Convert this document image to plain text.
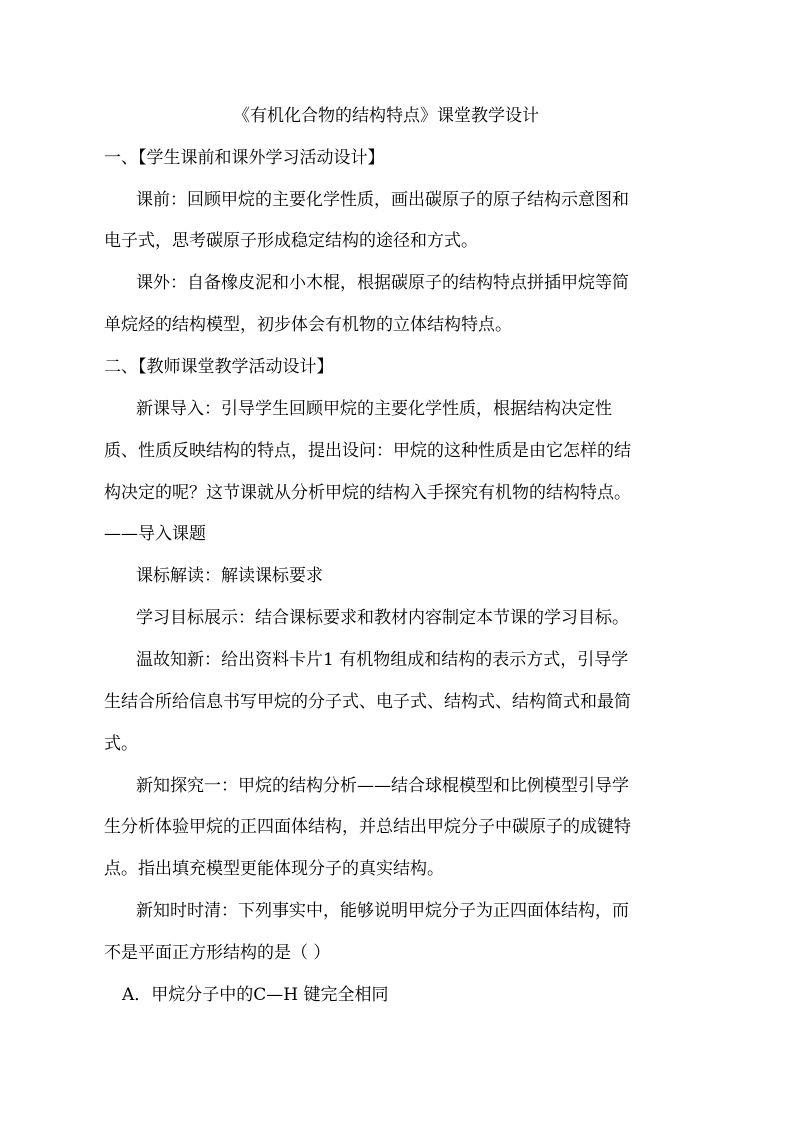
《有机化合物的结构特点》课堂教学设计
一、【学生课前和课外学习活动设计】
课前：回顾甲烷的主要化学性质，画出碳原子的原子结构示意图和
电子式，思考碳原子形成稳定结构的途径和方式。
课外：自备橡皮泥和小木棍，根据碳原子的结构特点拼插甲烷等简
单烷烃的结构模型，初步体会有机物的立体结构特点。
二、【教师课堂教学活动设计】
新课导入：引导学生回顾甲烷的主要化学性质，根据结构决定性
质、性质反映结构的特点，提出设问：甲烷的这种性质是由它怎样的结
构决定的呢？这节课就从分析甲烷的结构入手探究有机物的结构特点。
——导入课题
课标解读：解读课标要求
学习目标展示：结合课标要求和教材内容制定本节课的学习目标。
温故知新：给出资料卡片1 有机物组成和结构的表示方式，引导学
生结合所给信息书写甲烷的分子式、电子式、结构式、结构简式和最简
式。
新知探究一：甲烷的结构分析——结合球棍模型和比例模型引导学
生分析体验甲烷的正四面体结构，并总结出甲烷分子中碳原子的成键特
点。指出填充模型更能体现分子的真实结构。
新知时时清：下列事实中，能够说明甲烷分子为正四面体结构，而
不是平面正方形结构的是（ ）
A．甲烷分子中的C—H 键完全相同
